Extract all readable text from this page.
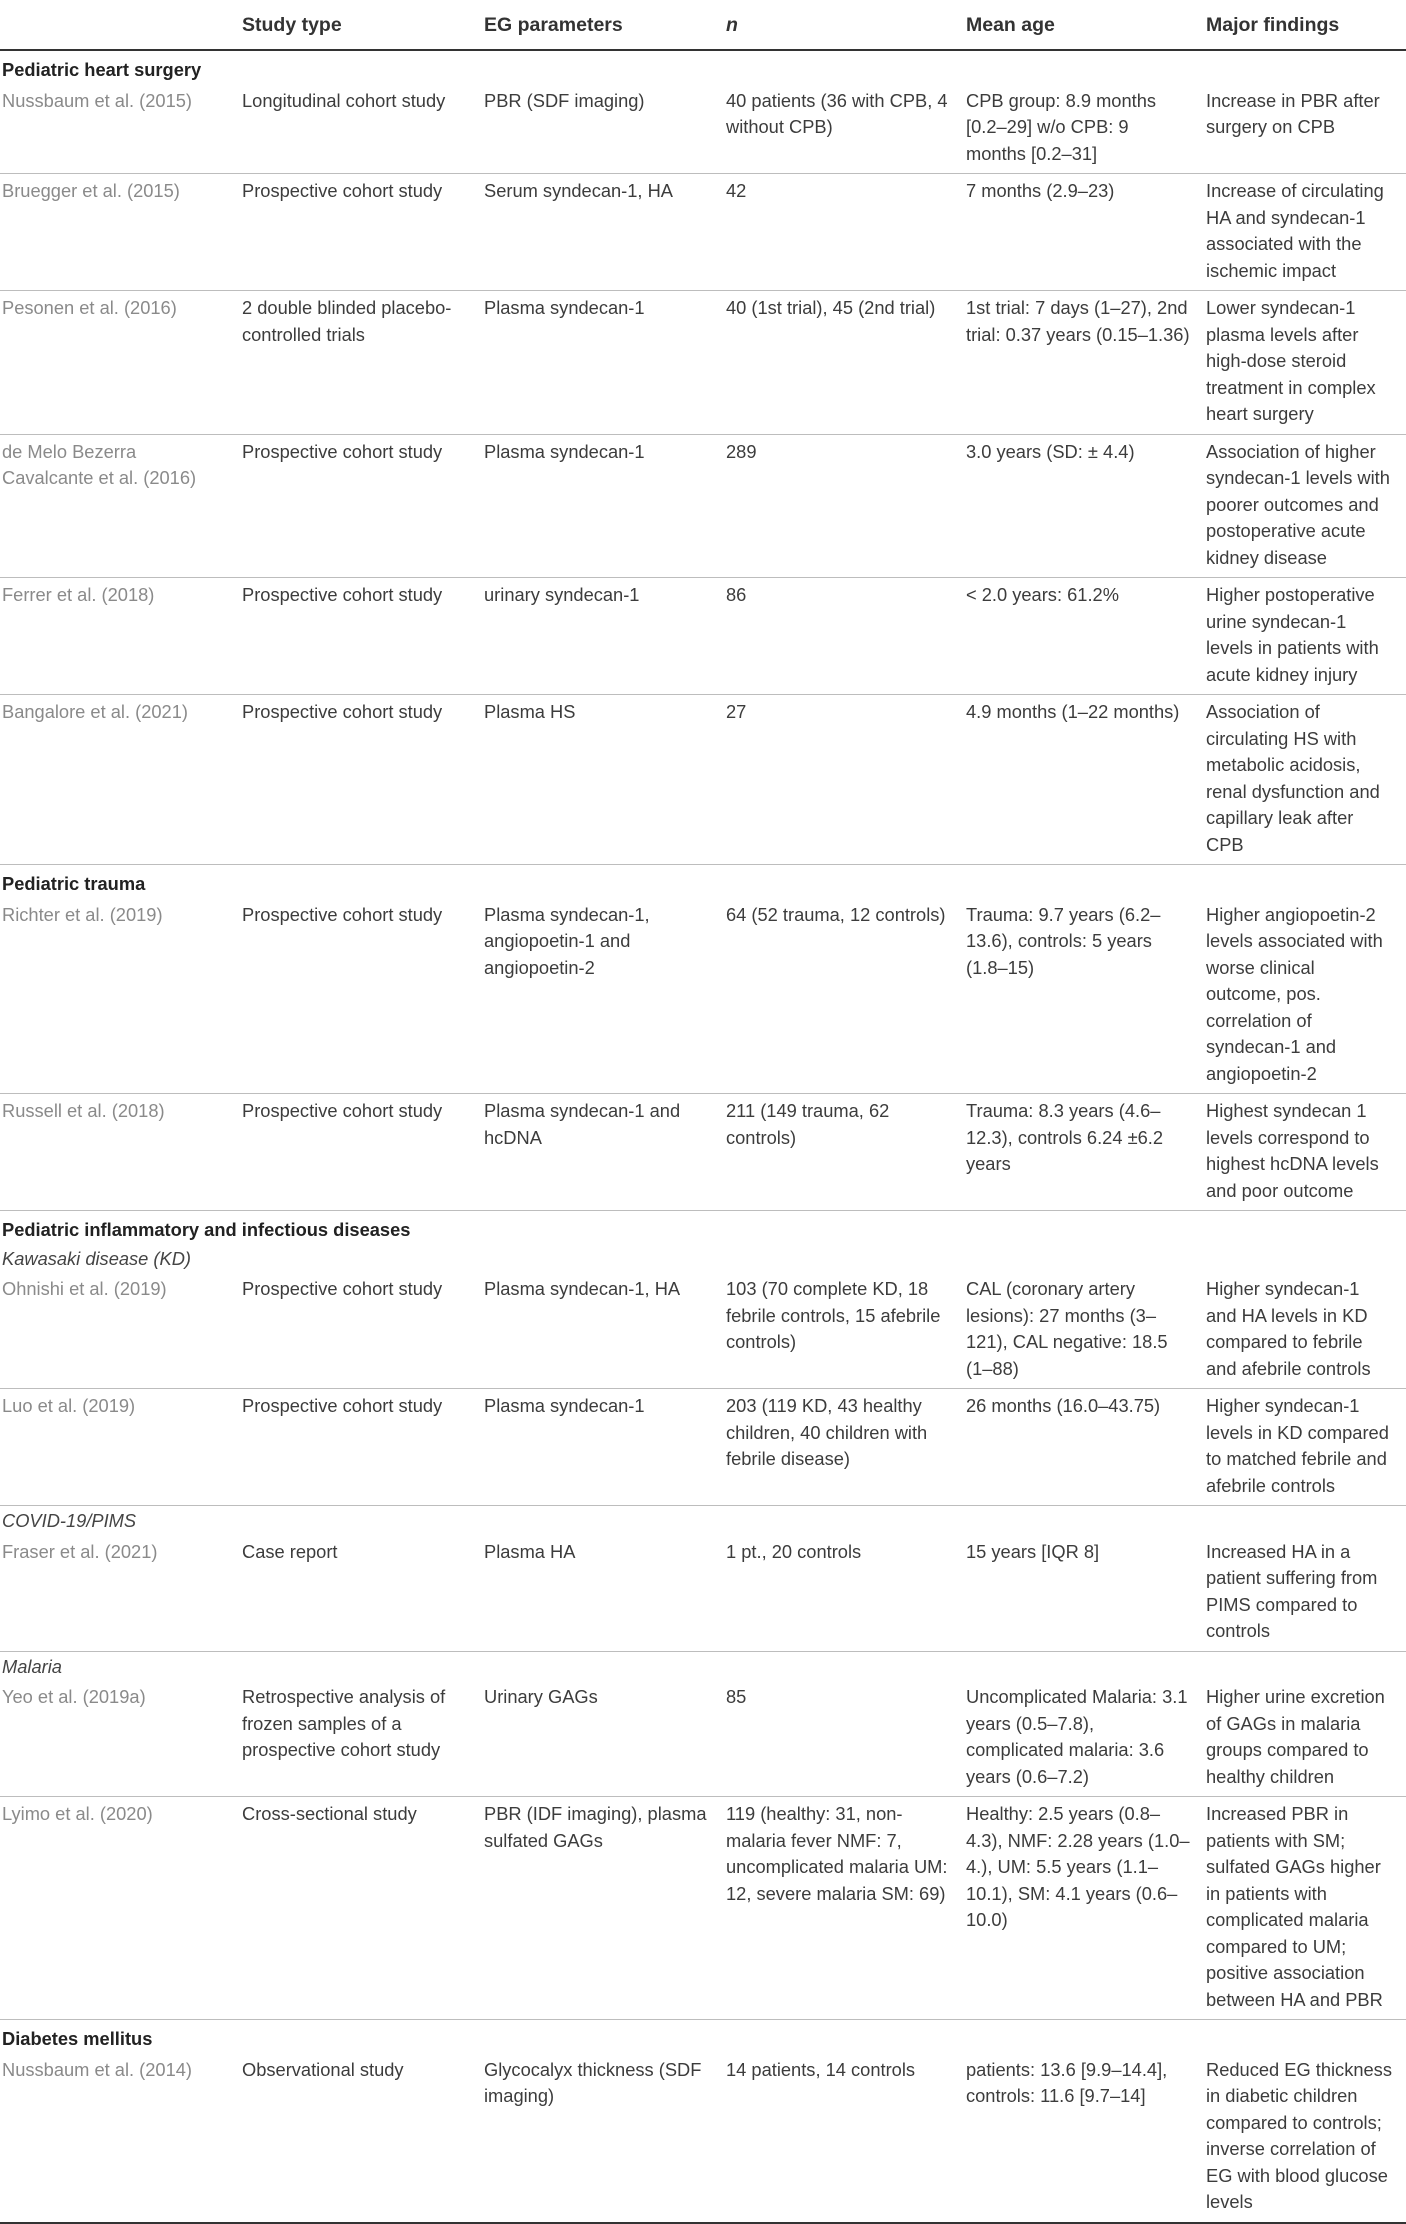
	Study type	EG parameters	n	Mean age	Major findings
Pediatric heart surgery					
Nussbaum et al. (2015)	Longitudinal cohort study	PBR (SDF imaging)	40 patients (36 with CPB, 4 without CPB)	CPB group: 8.9 months [0.2–29] w/o CPB: 9 months [0.2–31]	Increase in PBR after surgery on CPB
Bruegger et al. (2015)	Prospective cohort study	Serum syndecan-1, HA	42	7 months (2.9–23)	Increase of circulating HA and syndecan-1 associated with the ischemic impact
Pesonen et al. (2016)	2 double blinded placebo-controlled trials	Plasma syndecan-1	40 (1st trial), 45 (2nd trial)	1st trial: 7 days (1–27), 2nd trial: 0.37 years (0.15–1.36)	Lower syndecan-1 plasma levels after high-dose steroid treatment in complex heart surgery
de Melo Bezerra Cavalcante et al. (2016)	Prospective cohort study	Plasma syndecan-1	289	3.0 years (SD: ± 4.4)	Association of higher syndecan-1 levels with poorer outcomes and postoperative acute kidney disease
Ferrer et al. (2018)	Prospective cohort study	urinary syndecan-1	86	< 2.0 years: 61.2%	Higher postoperative urine syndecan-1 levels in patients with acute kidney injury
Bangalore et al. (2021)	Prospective cohort study	Plasma HS	27	4.9 months (1–22 months)	Association of circulating HS with metabolic acidosis, renal dysfunction and capillary leak after CPB
Pediatric trauma					
Richter et al. (2019)	Prospective cohort study	Plasma syndecan-1, angiopoetin-1 and angiopoetin-2	64 (52 trauma, 12 controls)	Trauma: 9.7 years (6.2–13.6), controls: 5 years (1.8–15)	Higher angiopoetin-2 levels associated with worse clinical outcome, pos. correlation of syndecan-1 and angiopoetin-2
Russell et al. (2018)	Prospective cohort study	Plasma syndecan-1 and hcDNA	211 (149 trauma, 62 controls)	Trauma: 8.3 years (4.6–12.3), controls 6.24 ±6.2 years	Highest syndecan 1 levels correspond to highest hcDNA levels and poor outcome
Pediatric inflammatory and infectious diseases					
Kawasaki disease (KD)					
Ohnishi et al. (2019)	Prospective cohort study	Plasma syndecan-1, HA	103 (70 complete KD, 18 febrile controls, 15 afebrile controls)	CAL (coronary artery lesions): 27 months (3–121), CAL negative: 18.5 (1–88)	Higher syndecan-1 and HA levels in KD compared to febrile and afebrile controls
Luo et al. (2019)	Prospective cohort study	Plasma syndecan-1	203 (119 KD, 43 healthy children, 40 children with febrile disease)	26 months (16.0–43.75)	Higher syndecan-1 levels in KD compared to matched febrile and afebrile controls
COVID-19/PIMS					
Fraser et al. (2021)	Case report	Plasma HA	1 pt., 20 controls	15 years [IQR 8]	Increased HA in a patient suffering from PIMS compared to controls
Malaria					
Yeo et al. (2019a)	Retrospective analysis of frozen samples of a prospective cohort study	Urinary GAGs	85	Uncomplicated Malaria: 3.1 years (0.5–7.8), complicated malaria: 3.6 years (0.6–7.2)	Higher urine excretion of GAGs in malaria groups compared to healthy children
Lyimo et al. (2020)	Cross-sectional study	PBR (IDF imaging), plasma sulfated GAGs	119 (healthy: 31, non-malaria fever NMF: 7, uncomplicated malaria UM: 12, severe malaria SM: 69)	Healthy: 2.5 years (0.8–4.3), NMF: 2.28 years (1.0–4.), UM: 5.5 years (1.1–10.1), SM: 4.1 years (0.6–10.0)	Increased PBR in patients with SM; sulfated GAGs higher in patients with complicated malaria compared to UM; positive association between HA and PBR
Diabetes mellitus					
Nussbaum et al. (2014)	Observational study	Glycocalyx thickness (SDF imaging)	14 patients, 14 controls	patients: 13.6 [9.9–14.4], controls: 11.6 [9.7–14]	Reduced EG thickness in diabetic children compared to controls; inverse correlation of EG with blood glucose levels
